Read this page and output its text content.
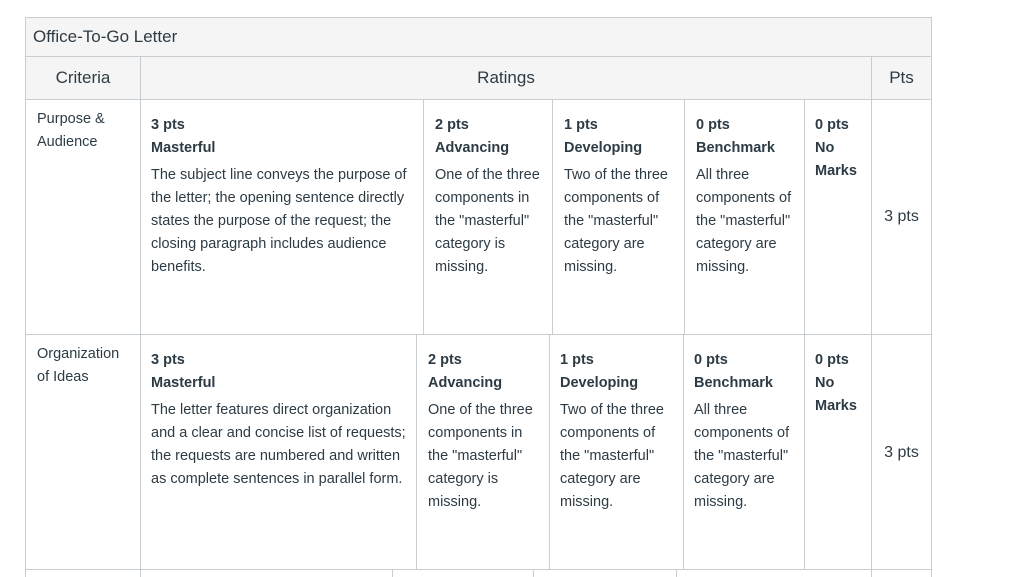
Office-To-Go Letter
Criteria	Ratings	Pts
Purpose &
Audience
3 pts
Masterful
The subject line conveys the purpose of the letter; the opening sentence directly states the purpose of the request; the closing paragraph includes audience benefits.
2 pts
Advancing
One of the three components in the "masterful" category is missing.
1 pts
Developing
Two of the three components of the "masterful" category are missing.
0 pts
Benchmark
All three components of the "masterful" category are missing.
0 pts
No Marks
3 pts
Organization
of Ideas
3 pts
Masterful
The letter features direct organization and a clear and concise list of requests; the requests are numbered and written as complete sentences in parallel form.
2 pts
Advancing
One of the three components in the "masterful" category is missing.
1 pts
Developing
Two of the three components of the "masterful" category are missing.
0 pts
Benchmark
All three components of the "masterful" category are missing.
0 pts
No Marks
3 pts
